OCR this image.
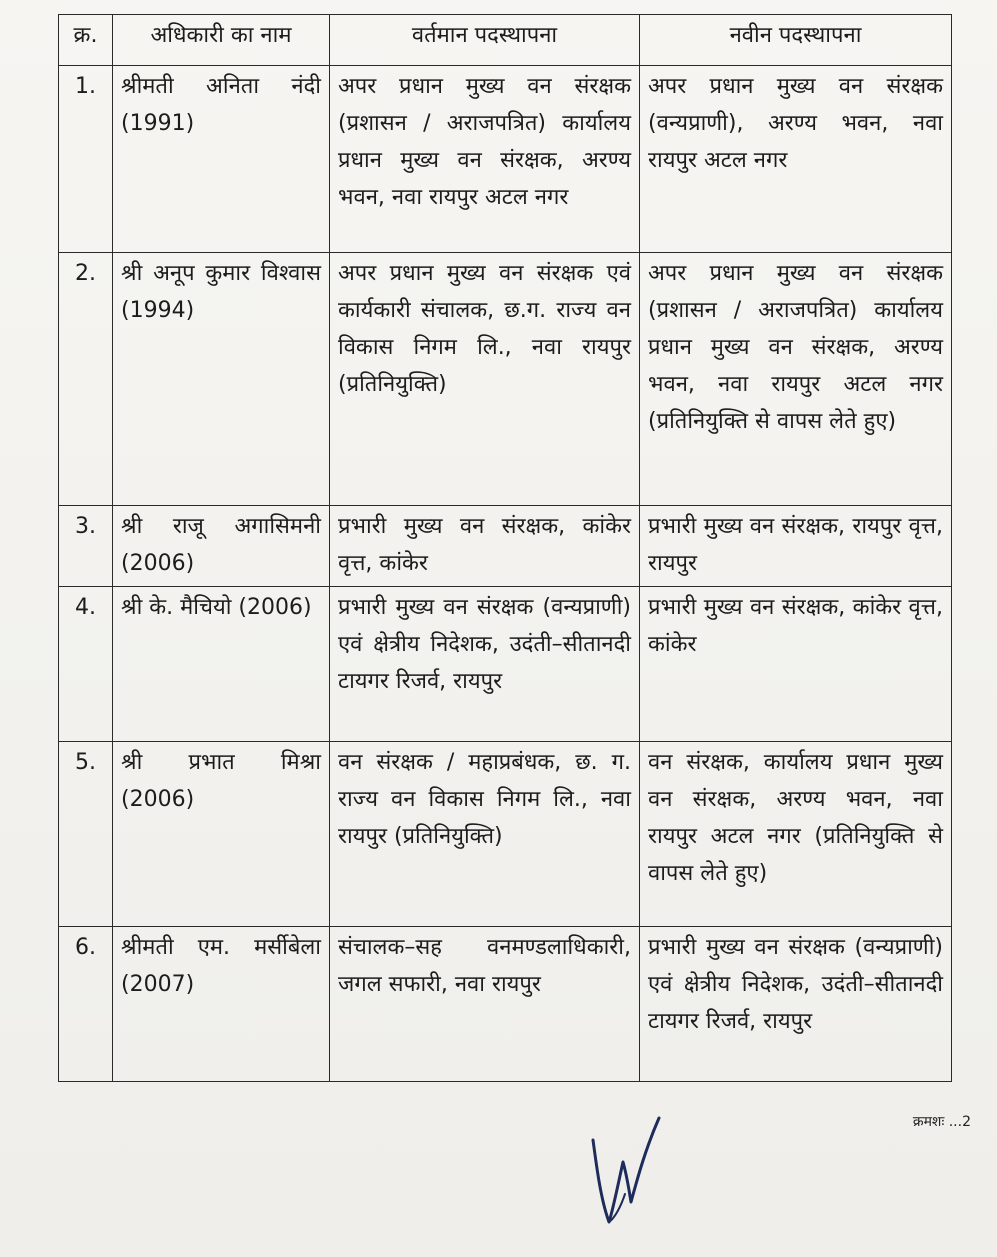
क्र.	अधिकारी का नाम	वर्तमान पदस्थापना	नवीन पदस्थापना
1.	श्रीमती अनिता नंदी (1991)	अपर प्रधान मुख्य वन संरक्षक (प्रशासन / अराजपत्रित) कार्यालय प्रधान मुख्य वन संरक्षक, अरण्य भवन, नवा रायपुर अटल नगर	अपर प्रधान मुख्य वन संरक्षक (वन्यप्राणी), अरण्य भवन, नवा रायपुर अटल नगर
2.	श्री अनूप कुमार विश्वास (1994)	अपर प्रधान मुख्य वन संरक्षक एवं कार्यकारी संचालक, छ.ग. राज्य वन विकास निगम लि., नवा रायपुर (प्रतिनियुक्ति)	अपर प्रधान मुख्य वन संरक्षक (प्रशासन / अराजपत्रित) कार्यालय प्रधान मुख्य वन संरक्षक, अरण्य भवन, नवा रायपुर अटल नगर (प्रतिनियुक्ति से वापस लेते हुए)
3.	श्री राजू अगासिमनी (2006)	प्रभारी मुख्य वन संरक्षक, कांकेर वृत्त, कांकेर	प्रभारी मुख्य वन संरक्षक, रायपुर वृत्त, रायपुर
4.	श्री के. मैचियो (2006)	प्रभारी मुख्य वन संरक्षक (वन्यप्राणी) एवं क्षेत्रीय निदेशक, उदंती–सीतानदी टायगर रिजर्व, रायपुर	प्रभारी मुख्य वन संरक्षक, कांकेर वृत्त, कांकेर
5.	श्री प्रभात मिश्रा (2006)	वन संरक्षक / महाप्रबंधक, छ. ग. राज्य वन विकास निगम लि., नवा रायपुर (प्रतिनियुक्ति)	वन संरक्षक, कार्यालय प्रधान मुख्य वन संरक्षक, अरण्य भवन, नवा रायपुर अटल नगर (प्रतिनियुक्ति से वापस लेते हुए)
6.	श्रीमती एम. मर्सीबेला (2007)	संचालक–सह वनमण्डलाधिकारी, जगल सफारी, नवा रायपुर	प्रभारी मुख्य वन संरक्षक (वन्यप्राणी) एवं क्षेत्रीय निदेशक, उदंती–सीतानदी टायगर रिजर्व, रायपुर
क्रमशः ...2
